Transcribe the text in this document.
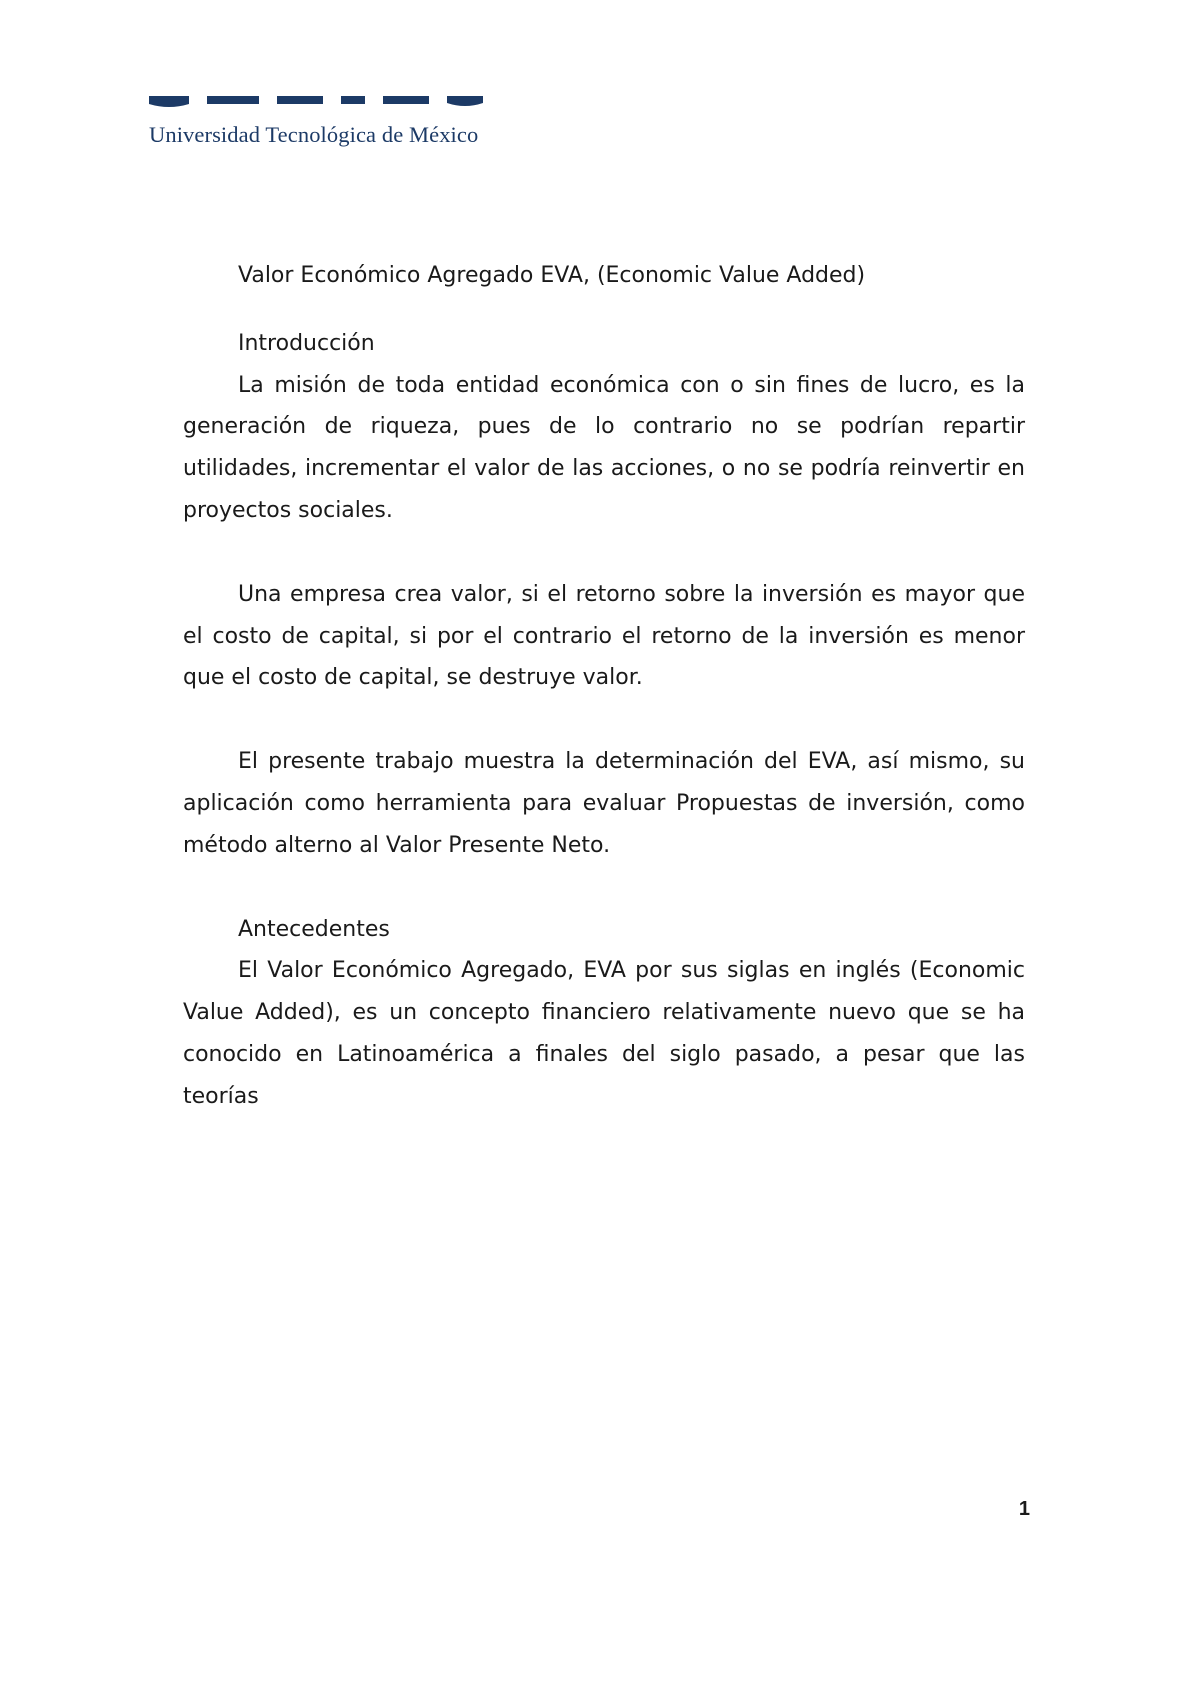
Universidad Tecnológica de México
Valor Económico Agregado EVA, (Economic Value Added)
Introducción

La misión de toda entidad económica con o sin fines de lucro, es la generación de riqueza, pues de lo contrario no se podrían repartir utilidades, incrementar el valor de las acciones, o no se podría reinvertir en proyectos sociales.

Una empresa crea valor, si el retorno sobre la inversión es mayor que el costo de capital, si por el contrario el retorno de la inversión es menor que el costo de capital, se destruye valor.

El presente trabajo muestra la determinación del EVA, así mismo, su aplicación como herramienta para evaluar Propuestas de inversión, como método alterno al Valor Presente Neto.

Antecedentes

El Valor Económico Agregado, EVA por sus siglas en inglés (Economic Value Added), es un concepto financiero relativamente nuevo que se ha conocido en Latinoamérica a finales del siglo pasado, a pesar que las teorías

1
